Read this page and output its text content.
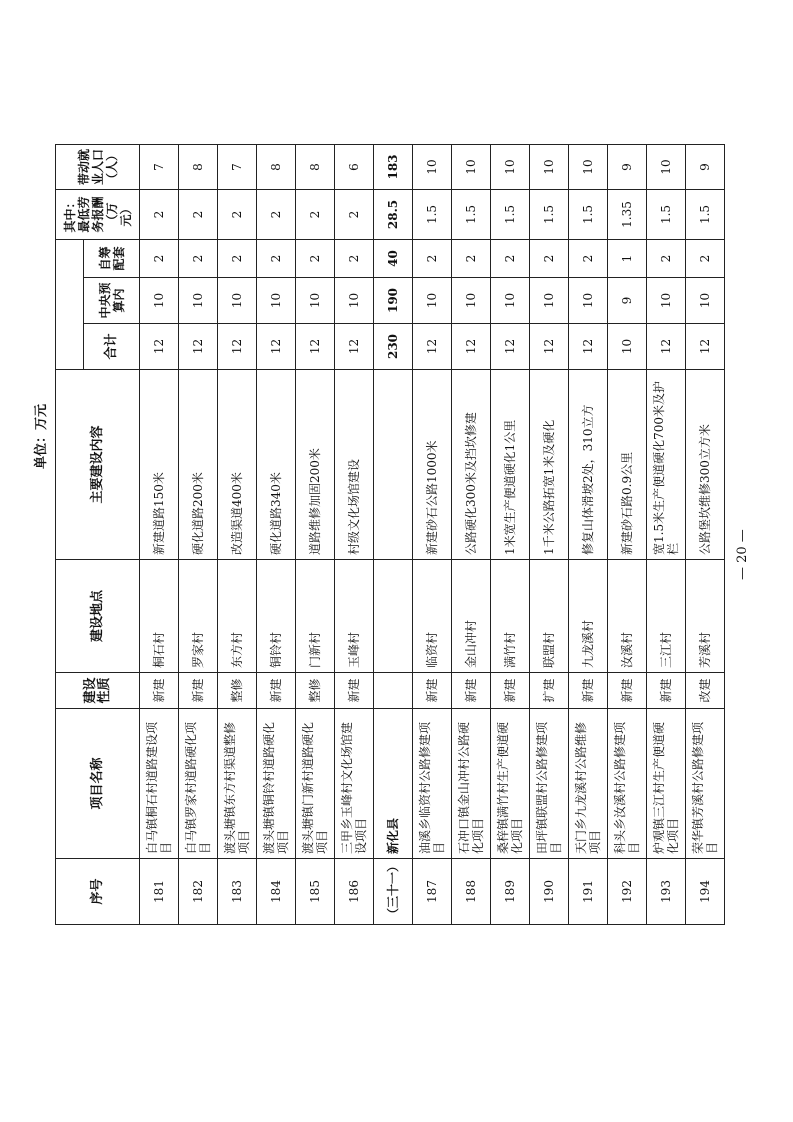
单位：万元
序号	项目名称	建设性质	建设地点	主要建设内容				其中：最低劳务报酬（万元）	带动就业人口（人）
					合计	中央预算内	自筹配套		
181	白马镇桐石村道路建设项目	新建	桐石村	新建道路150米	12	10	2	2	7
182	白马镇罗家村道路硬化项目	新建	罗家村	硬化道路200米	12	10	2	2	8
183	渡头塘镇东方村渠道整修项目	整修	东方村	改造渠道400米	12	10	2	2	7
184	渡头塘镇铜铃村道路硬化项目	新建	铜铃村	硬化道路340米	12	10	2	2	8
185	渡头塘镇门新村道路硬化项目	整修	门新村	道路维修加固200米	12	10	2	2	8
186	三甲乡玉峰村文化场馆建设项目	新建	玉峰村	村级文化场馆建设	12	10	2	2	6
（三十一）	新化县				230	190	40	28.5	183
187	油溪乡临资村公路修建项目	新建	临资村	新建砂石公路1000米	12	10	2	1.5	10
188	石冲口镇金山冲村公路硬化项目	新建	金山冲村	公路硬化300米及挡坎修建	12	10	2	1.5	10
189	桑梓镇满竹村生产便道硬化项目	新建	满竹村	1米宽生产便道硬化1公里	12	10	2	1.5	10
190	田坪镇联盟村公路修建项目	扩建	联盟村	1千米公路拓宽1米及硬化	12	10	2	1.5	10
191	天门乡九龙溪村公路维修项目	新建	九龙溪村	修复山体滑坡2处，310立方	12	10	2	1.5	10
192	科头乡汝溪村公路修建项目	新建	汝溪村	新建砂石路0.9公里	10	9	1	1.35	9
193	炉观镇三江村生产便道硬化项目	新建	三江村	宽1.5米生产便道硬化700米及护栏	12	10	2	1.5	10
194	荣华镇芳溪村公路修建项目	改建	芳溪村	公路堡坎维修300立方米	12	10	2	1.5	9
— 20 —
